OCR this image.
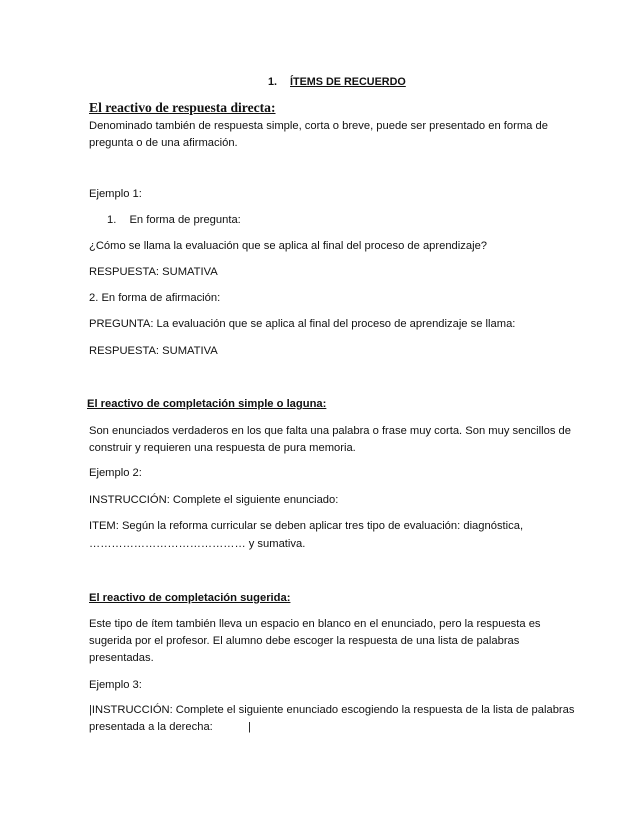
1. ÍTEMS DE RECUERDO
El reactivo de respuesta directa:
Denominado también de respuesta simple, corta o breve, puede ser presentado en forma de
pregunta o de una afirmación.
Ejemplo 1:
1. En forma de pregunta:
¿Cómo se llama la evaluación que se aplica al final del proceso de aprendizaje?
RESPUESTA: SUMATIVA
2. En forma de afirmación:
PREGUNTA: La evaluación que se aplica al final del proceso de aprendizaje se llama:
RESPUESTA: SUMATIVA
El reactivo de completación simple o laguna:
Son enunciados verdaderos en los que falta una palabra o frase muy corta. Son muy sencillos de
construir y requieren una respuesta de pura memoria.
Ejemplo 2:
INSTRUCCIÓN: Complete el siguiente enunciado:
ITEM: Según la reforma curricular se deben aplicar tres tipo de evaluación: diagnóstica,
…………………………………… y sumativa.
El reactivo de completación sugerida:
Este tipo de ítem también lleva un espacio en blanco en el enunciado, pero la respuesta es
sugerida por el profesor. El alumno debe escoger la respuesta de una lista de palabras
presentadas.
Ejemplo 3:
|INSTRUCCIÓN: Complete el siguiente enunciado escogiendo la respuesta de la lista de palabras
presentada a la derecha:	|
